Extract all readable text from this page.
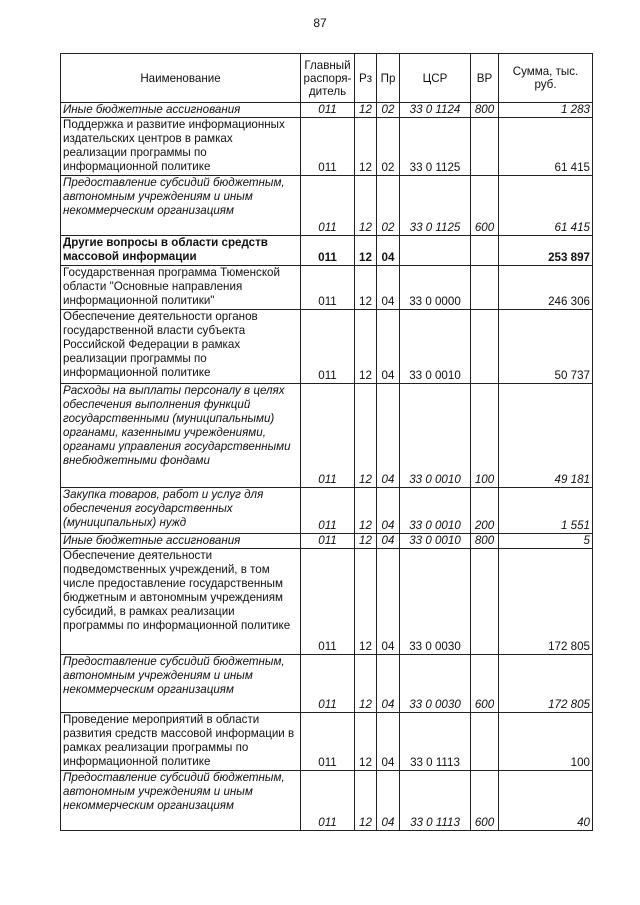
87
Наименование	Главный распоря-дитель	Рз	Пр	ЦСР	ВР	Сумма, тыс. руб.
Иные бюджетные ассигнования	011	12	02	33 0 1124	800	1 283
Поддержка и развитие информационных издательских центров в рамках реализации программы по информационной политике	011	12	02	33 0 1125		61 415
Предоставление субсидий бюджетным, автономным учреждениям и иным некоммерческим организациям	011	12	02	33 0 1125	600	61 415
Другие вопросы в области средств массовой информации	011	12	04			253 897
Государственная программа Тюменской области "Основные направления информационной политики"	011	12	04	33 0 0000		246 306
Обеспечение деятельности органов государственной власти субъекта Российской Федерации в рамках реализации программы по информационной политике	011	12	04	33 0 0010		50 737
Расходы на выплаты персоналу в целях обеспечения выполнения функций государственными (муниципальными) органами, казенными учреждениями, органами управления государственными внебюджетными фондами	011	12	04	33 0 0010	100	49 181
Закупка товаров, работ и услуг для обеспечения государственных (муниципальных) нужд	011	12	04	33 0 0010	200	1 551
Иные бюджетные ассигнования	011	12	04	33 0 0010	800	5
Обеспечение деятельности подведомственных учреждений, в том числе предоставление государственным бюджетным и автономным учреждениям субсидий, в рамках реализации программы по информационной политике	011	12	04	33 0 0030		172 805
Предоставление субсидий бюджетным, автономным учреждениям и иным некоммерческим организациям	011	12	04	33 0 0030	600	172 805
Проведение мероприятий в области развития средств массовой информации в рамках реализации программы по информационной политике	011	12	04	33 0 1113		100
Предоставление субсидий бюджетным, автономным учреждениям и иным некоммерческим организациям	011	12	04	33 0 1113	600	40
